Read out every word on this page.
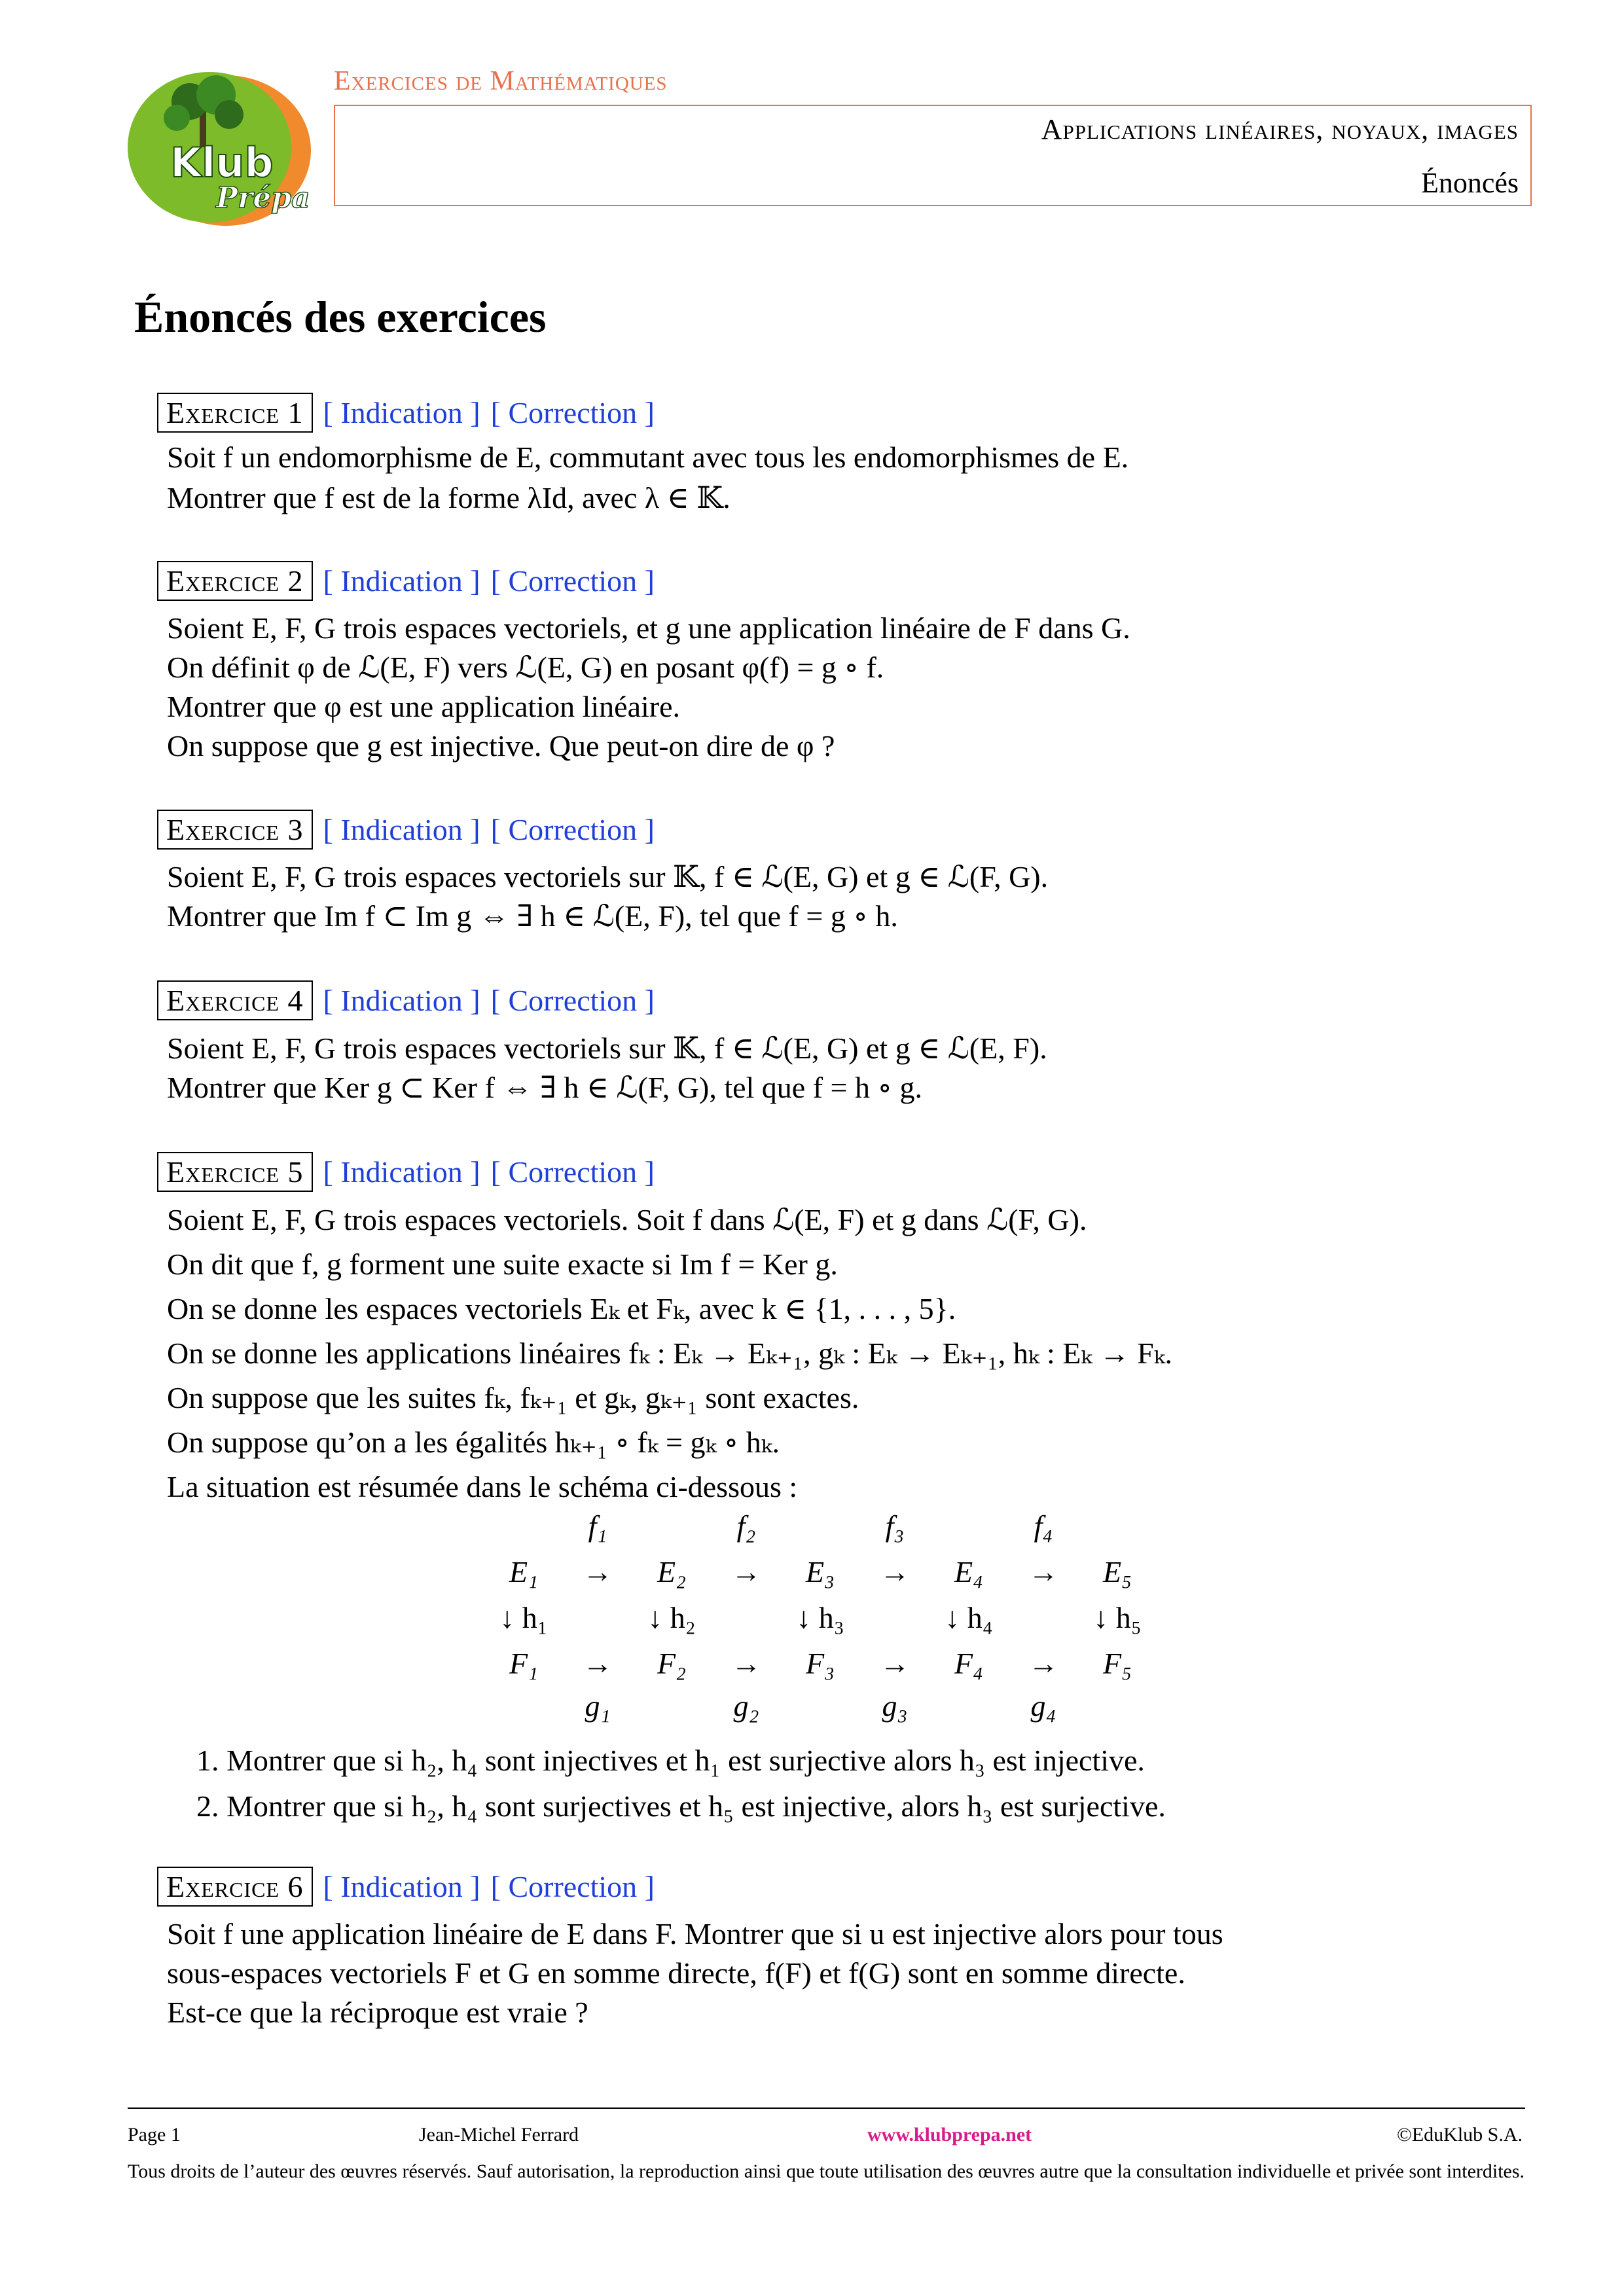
Klub
Prépa
Exercices de Mathématiques
Applications linéaires, noyaux, images
Énoncés
Énoncés des exercices
Exercice 1 [ Indication ] [ Correction ]

Soit f un endomorphisme de E, commutant avec tous les endomorphismes de E.

Montrer que f est de la forme λId, avec λ ∈ 𝕂.

Exercice 2 [ Indication ] [ Correction ]

Soient E, F, G trois espaces vectoriels, et g une application linéaire de F dans G.

On définit φ de ℒ(E, F) vers ℒ(E, G) en posant φ(f) = g ∘ f.

Montrer que φ est une application linéaire.

On suppose que g est injective. Que peut-on dire de φ ?

Exercice 3 [ Indication ] [ Correction ]

Soient E, F, G trois espaces vectoriels sur 𝕂, f ∈ ℒ(E, G) et g ∈ ℒ(F, G).

Montrer que Im f ⊂ Im g ⇔ ∃ h ∈ ℒ(E, F), tel que f = g ∘ h.

Exercice 4 [ Indication ] [ Correction ]

Soient E, F, G trois espaces vectoriels sur 𝕂, f ∈ ℒ(E, G) et g ∈ ℒ(E, F).

Montrer que Ker g ⊂ Ker f ⇔ ∃ h ∈ ℒ(F, G), tel que f = h ∘ g.

Exercice 5 [ Indication ] [ Correction ]

Soient E, F, G trois espaces vectoriels. Soit f dans ℒ(E, F) et g dans ℒ(F, G).

On dit que f, g forment une suite exacte si Im f = Ker g.

On se donne les espaces vectoriels Eₖ et Fₖ, avec k ∈ {1, . . . , 5}.

On se donne les applications linéaires fₖ : Eₖ → Eₖ₊₁, gₖ : Eₖ → Eₖ₊₁, hₖ : Eₖ → Fₖ.

On suppose que les suites fₖ, fₖ₊₁ et gₖ, gₖ₊₁ sont exactes.

On suppose qu’on a les égalités hₖ₊₁ ∘ fₖ = gₖ ∘ hₖ.

La situation est résumée dans le schéma ci-dessous :

f₁	f₂	f₃	f₄
E₁ → E₂ → E₃ → E₄ → E₅
↓ h₁	↓ h₂	↓ h₃	↓ h₄	↓ h₅
F₁ → F₂ → F₃ → F₄ → F₅
g₁	g₂	g₃	g₄
1. Montrer que si h₂, h₄ sont injectives et h₁ est surjective alors h₃ est injective.
2. Montrer que si h₂, h₄ sont surjectives et h₅ est injective, alors h₃ est surjective.
Exercice 6 [ Indication ] [ Correction ]

Soit f une application linéaire de E dans F. Montrer que si u est injective alors pour tous

sous-espaces vectoriels F et G en somme directe, f(F) et f(G) sont en somme directe.

Est-ce que la réciproque est vraie ?

Page 1	Jean-Michel Ferrard	www.klubprepa.net	©EduKlub S.A.
Tous droits de l’auteur des œuvres réservés. Sauf autorisation, la reproduction ainsi que toute utilisation des œuvres autre que la consultation individuelle et privée sont interdites.
